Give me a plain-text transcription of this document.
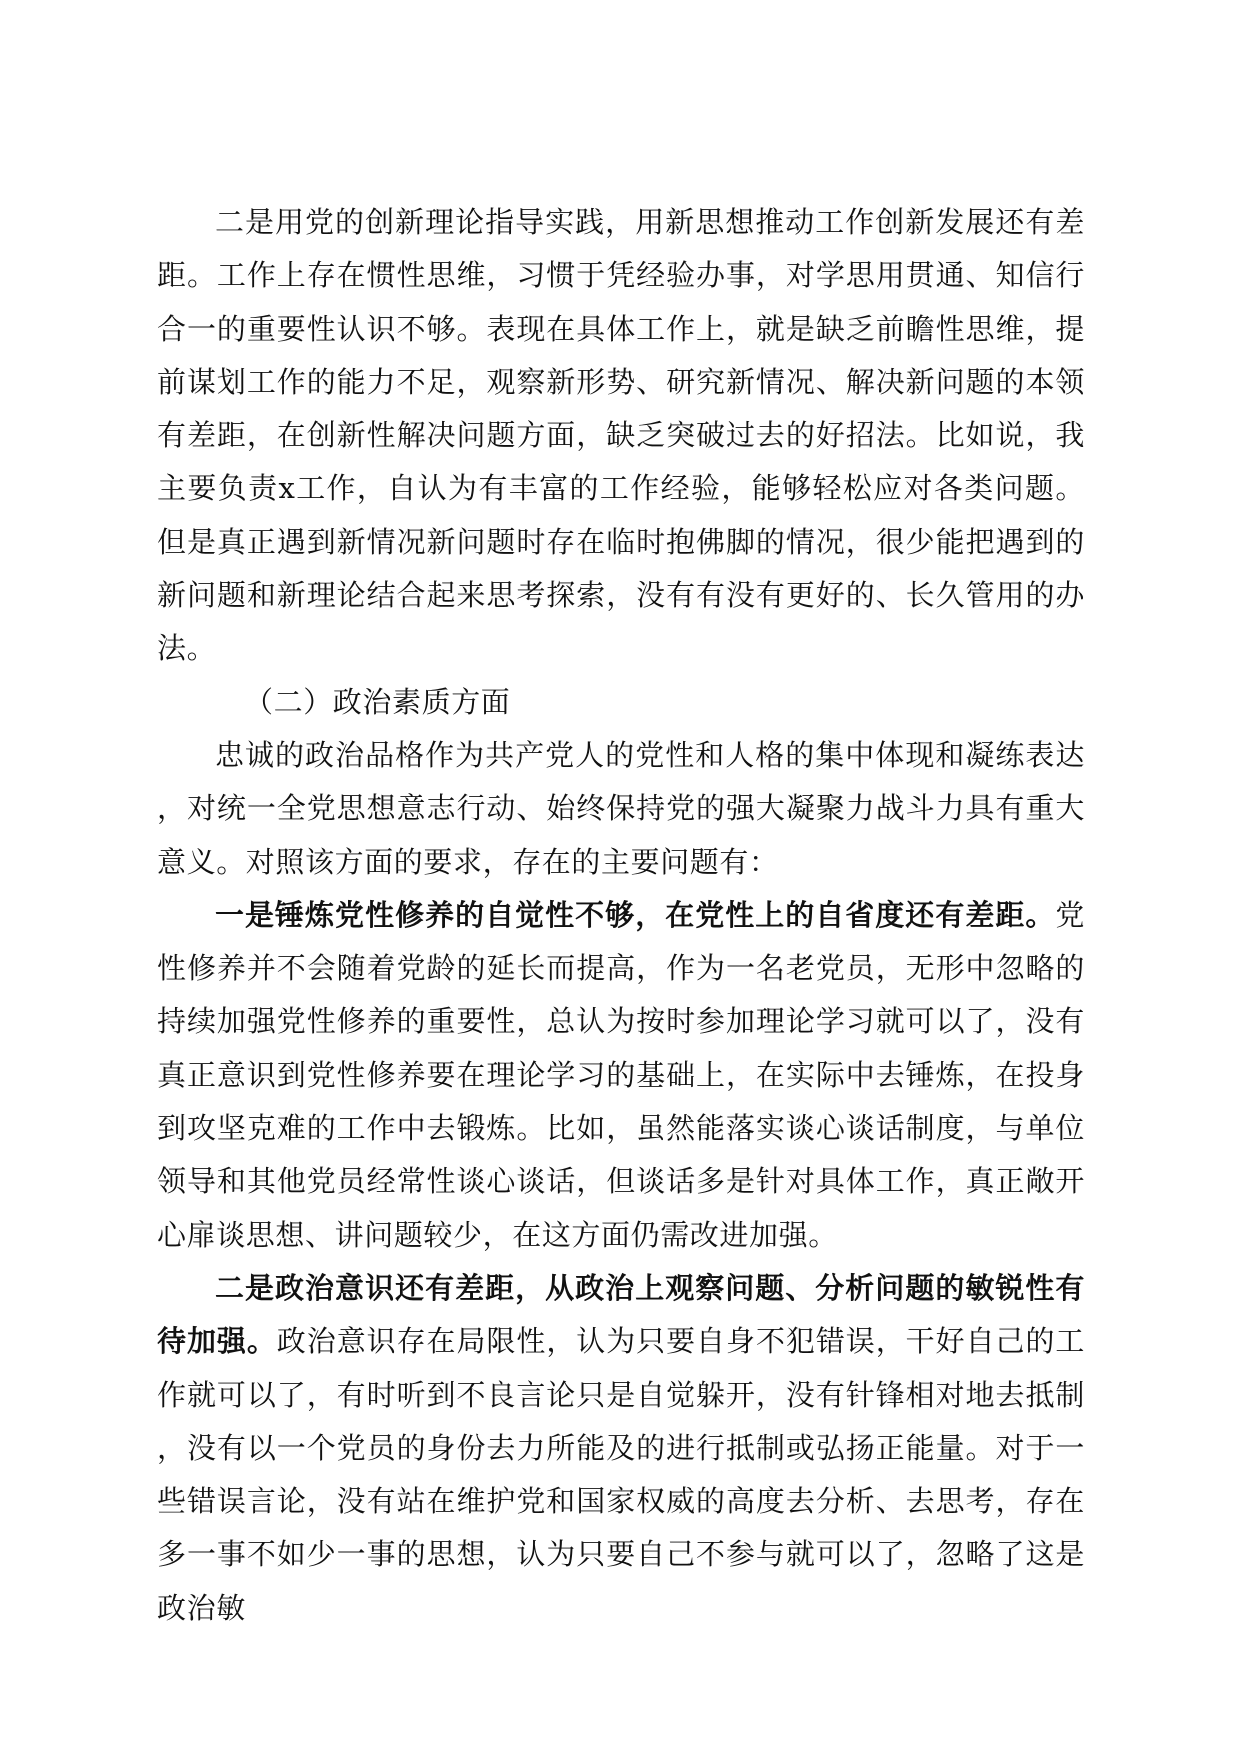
二是用党的创新理论指导实践，用新思想推动工作创新发展还有差距。工作上存在惯性思维，习惯于凭经验办事，对学思用贯通、知信行合一的重要性认识不够。表现在具体工作上，就是缺乏前瞻性思维，提前谋划工作的能力不足，观察新形势、研究新情况、解决新问题的本领有差距，在创新性解决问题方面，缺乏突破过去的好招法。比如说，我主要负责x工作，自认为有丰富的工作经验，能够轻松应对各类问题。但是真正遇到新情况新问题时存在临时抱佛脚的情况，很少能把遇到的新问题和新理论结合起来思考探索，没有有没有更好的、长久管用的办法。

（二）政治素质方面

忠诚的政治品格作为共产党人的党性和人格的集中体现和凝练表达，对统一全党思想意志行动、始终保持党的强大凝聚力战斗力具有重大意义。对照该方面的要求，存在的主要问题有：

一是锤炼党性修养的自觉性不够，在党性上的自省度还有差距。党性修养并不会随着党龄的延长而提高，作为一名老党员，无形中忽略的持续加强党性修养的重要性，总认为按时参加理论学习就可以了，没有真正意识到党性修养要在理论学习的基础上，在实际中去锤炼，在投身到攻坚克难的工作中去锻炼。比如，虽然能落实谈心谈话制度，与单位领导和其他党员经常性谈心谈话，但谈话多是针对具体工作，真正敞开心扉谈思想、讲问题较少，在这方面仍需改进加强。

二是政治意识还有差距，从政治上观察问题、分析问题的敏锐性有待加强。政治意识存在局限性，认为只要自身不犯错误，干好自己的工作就可以了，有时听到不良言论只是自觉躲开，没有针锋相对地去抵制，没有以一个党员的身份去力所能及的进行抵制或弘扬正能量。对于一些错误言论，没有站在维护党和国家权威的高度去分析、去思考，存在多一事不如少一事的思想，认为只要自己不参与就可以了，忽略了这是政治敏
